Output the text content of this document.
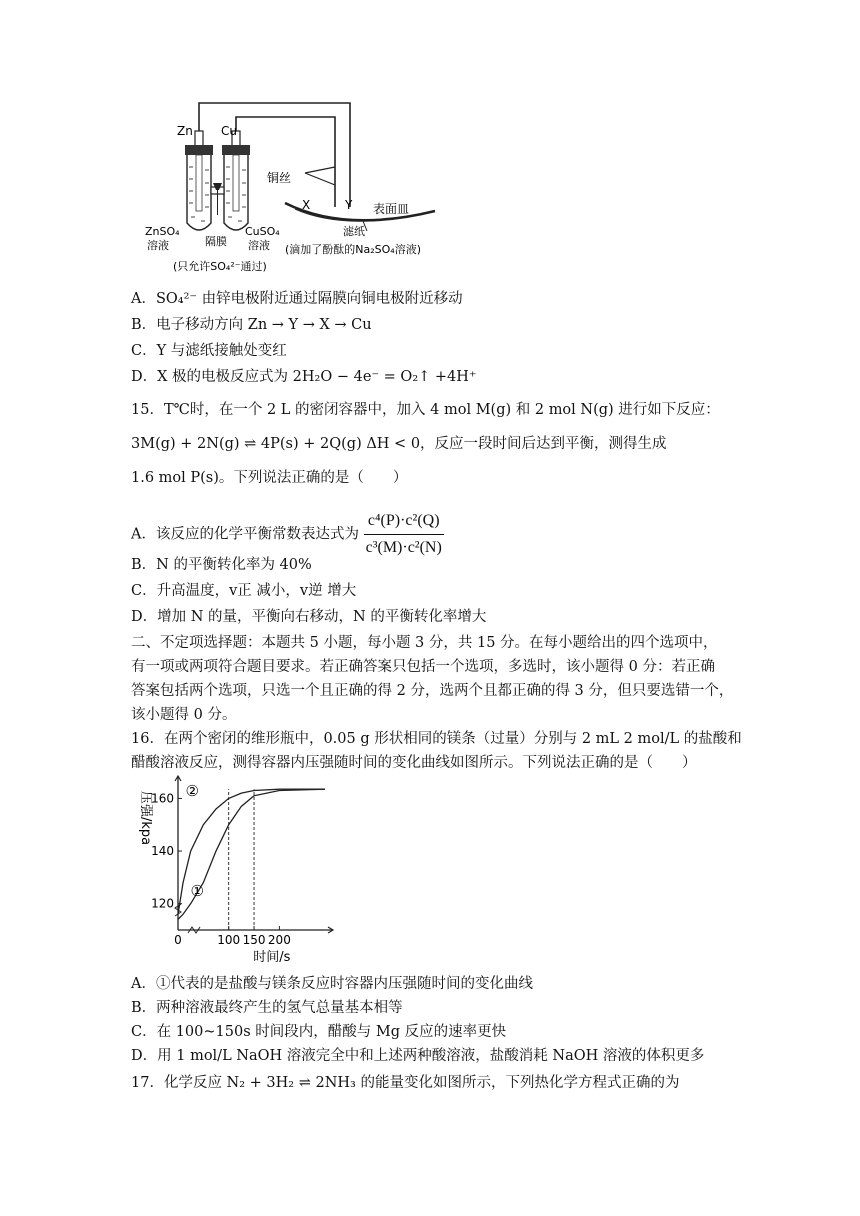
Zn Cu
铜丝
X	Y 表面皿
ZnSO₄
溶液	隔膜
CuSO₄
溶液
滤纸
(滴加了酚酞的Na₂SO₄溶液)
(只允许SO₄²⁻通过)
A．SO₄²⁻ 由锌电极附近通过隔膜向铜电极附近移动
B．电子移动方向 Zn → Y → X → Cu
C．Y 与滤纸接触处变红
D．X 极的电极反应式为 2H₂O − 4e⁻ = O₂↑ +4H⁺
15．T℃时，在一个 2 L 的密闭容器中，加入 4 mol M(g) 和 2 mol N(g) 进行如下反应：
3M(g) + 2N(g) ⇌ 4P(s) + 2Q(g) ΔH < 0，反应一段时间后达到平衡，测得生成
1.6 mol P(s)。下列说法正确的是（　　）
A．该反应的化学平衡常数表达式为 $\frac{\text{c⁴(P)·c²(Q)}}{\text{c³(M)·c²(N)}}$
B．N 的平衡转化率为 40%
C．升高温度，v正 减小，v逆 增大
D．增加 N 的量，平衡向右移动，N 的平衡转化率增大
二、不定项选择题：本题共 5 小题，每小题 3 分，共 15 分。在每小题给出的四个选项中，
有一项或两项符合题目要求。若正确答案只包括一个选项，多选时，该小题得 0 分：若正确
答案包括两个选项，只选一个且正确的得 2 分，选两个且都正确的得 3 分，但只要选错一个，
该小题得 0 分。
16．在两个密闭的维形瓶中，0.05 g 形状相同的镁条（过量）分别与 2 mL 2 mol/L 的盐酸和
醋酸溶液反应，测得容器内压强随时间的变化曲线如图所示。下列说法正确的是（　　）
120
140
160
0	100 150 200
②
①
压强/kpa
时间/s
A．①代表的是盐酸与镁条反应时容器内压强随时间的变化曲线
B．两种溶液最终产生的氢气总量基本相等
C．在 100~150s 时间段内，醋酸与 Mg 反应的速率更快
D．用 1 mol/L NaOH 溶液完全中和上述两种酸溶液，盐酸消耗 NaOH 溶液的体积更多
17．化学反应 N₂ + 3H₂ ⇌ 2NH₃ 的能量变化如图所示，下列热化学方程式正确的为
